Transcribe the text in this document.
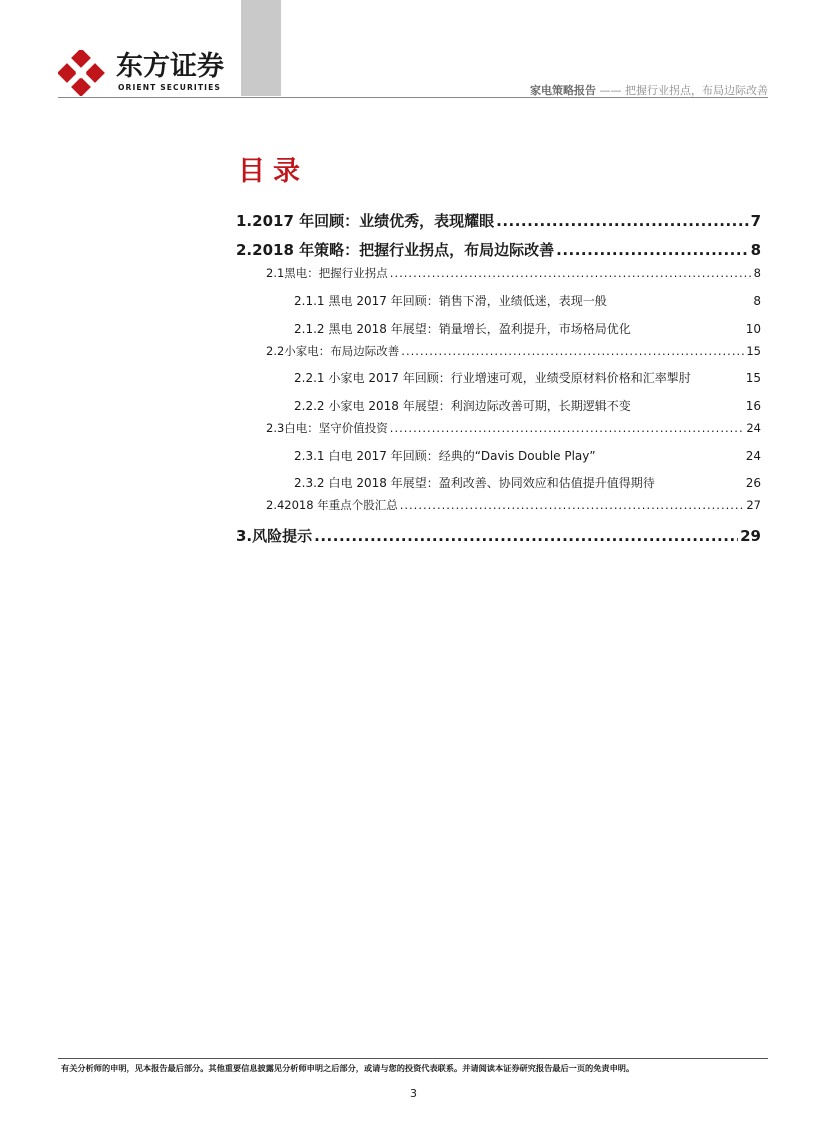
东方证券
ORIENT SECURITIES	家电策略报告 —— 把握行业拐点，布局边际改善
目录
1. 2017 年回顾：业绩优秀，表现耀眼 .....	7
2. 2018 年策略：把握行业拐点，布局边际改善 .....	8
2.1 黑电：把握行业拐点 .....	8
2.1.1 黑电 2017 年回顾：销售下滑，业绩低迷，表现一般	8
2.1.2 黑电 2018 年展望：销量增长，盈利提升，市场格局优化	10
2.2 小家电：布局边际改善 .....	15
2.2.1 小家电 2017 年回顾：行业增速可观，业绩受原材料价格和汇率掣肘	15
2.2.2 小家电 2018 年展望：利润边际改善可期，长期逻辑不变	16
2.3 白电：坚守价值投资 .....	24
2.3.1 白电 2017 年回顾：经典的“Davis Double Play”	24
2.3.2 白电 2018 年展望：盈利改善、协同效应和估值提升值得期待	26
2.4 2018 年重点个股汇总 .....	27
3. 风险提示 .....	29
有关分析师的申明，见本报告最后部分。其他重要信息披露见分析师申明之后部分，或请与您的投资代表联系。并请阅读本证券研究报告最后一页的免责申明。
3
